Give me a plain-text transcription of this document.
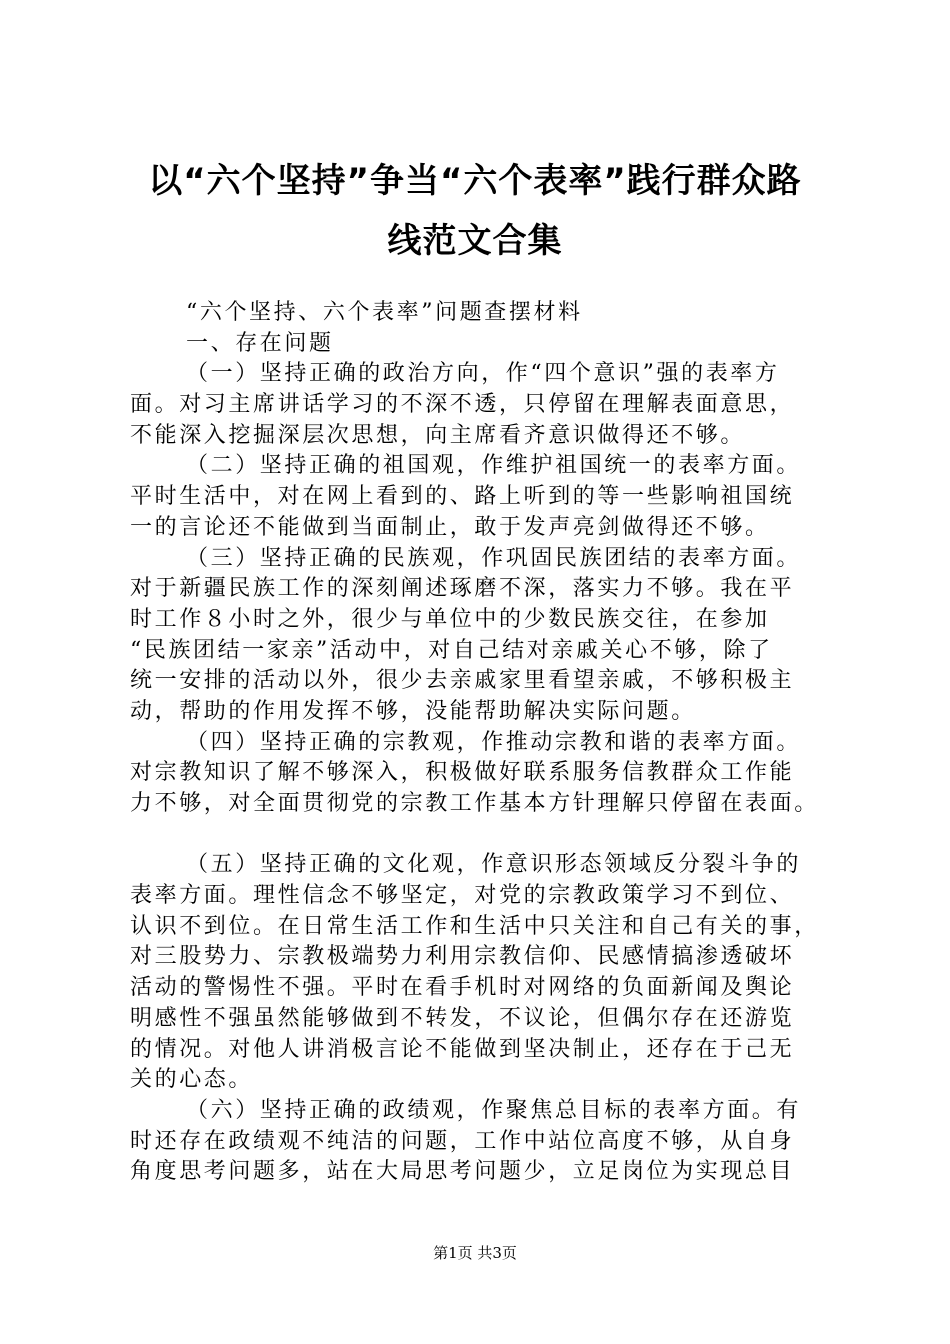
以“六个坚持”争当“六个表率”践行群众路
线范文合集
“六个坚持、六个表率”问题查摆材料
一、存在问题
（一）坚持正确的政治方向，作“四个意识”强的表率方
面。对习主席讲话学习的不深不透，只停留在理解表面意思，
不能深入挖掘深层次思想，向主席看齐意识做得还不够。
（二）坚持正确的祖国观，作维护祖国统一的表率方面。
平时生活中，对在网上看到的、路上听到的等一些影响祖国统
一的言论还不能做到当面制止，敢于发声亮剑做得还不够。
（三）坚持正确的民族观，作巩固民族团结的表率方面。
对于新疆民族工作的深刻阐述琢磨不深，落实力不够。我在平
时工作８小时之外，很少与单位中的少数民族交往，在参加
“民族团结一家亲”活动中，对自己结对亲戚关心不够，除了
统一安排的活动以外，很少去亲戚家里看望亲戚，不够积极主
动，帮助的作用发挥不够，没能帮助解决实际问题。
（四）坚持正确的宗教观，作推动宗教和谐的表率方面。
对宗教知识了解不够深入，积极做好联系服务信教群众工作能
力不够，对全面贯彻党的宗教工作基本方针理解只停留在表面。
（五）坚持正确的文化观，作意识形态领域反分裂斗争的
表率方面。理性信念不够坚定，对党的宗教政策学习不到位、
认识不到位。在日常生活工作和生活中只关注和自己有关的事，
对三股势力、宗教极端势力利用宗教信仰、民感情搞渗透破坏
活动的警惕性不强。平时在看手机时对网络的负面新闻及舆论
明感性不强虽然能够做到不转发，不议论，但偶尔存在还游览
的情况。对他人讲消极言论不能做到坚决制止，还存在于己无
关的心态。
（六）坚持正确的政绩观，作聚焦总目标的表率方面。有
时还存在政绩观不纯洁的问题，工作中站位高度不够，从自身
角度思考问题多，站在大局思考问题少，立足岗位为实现总目
第1页 共3页
